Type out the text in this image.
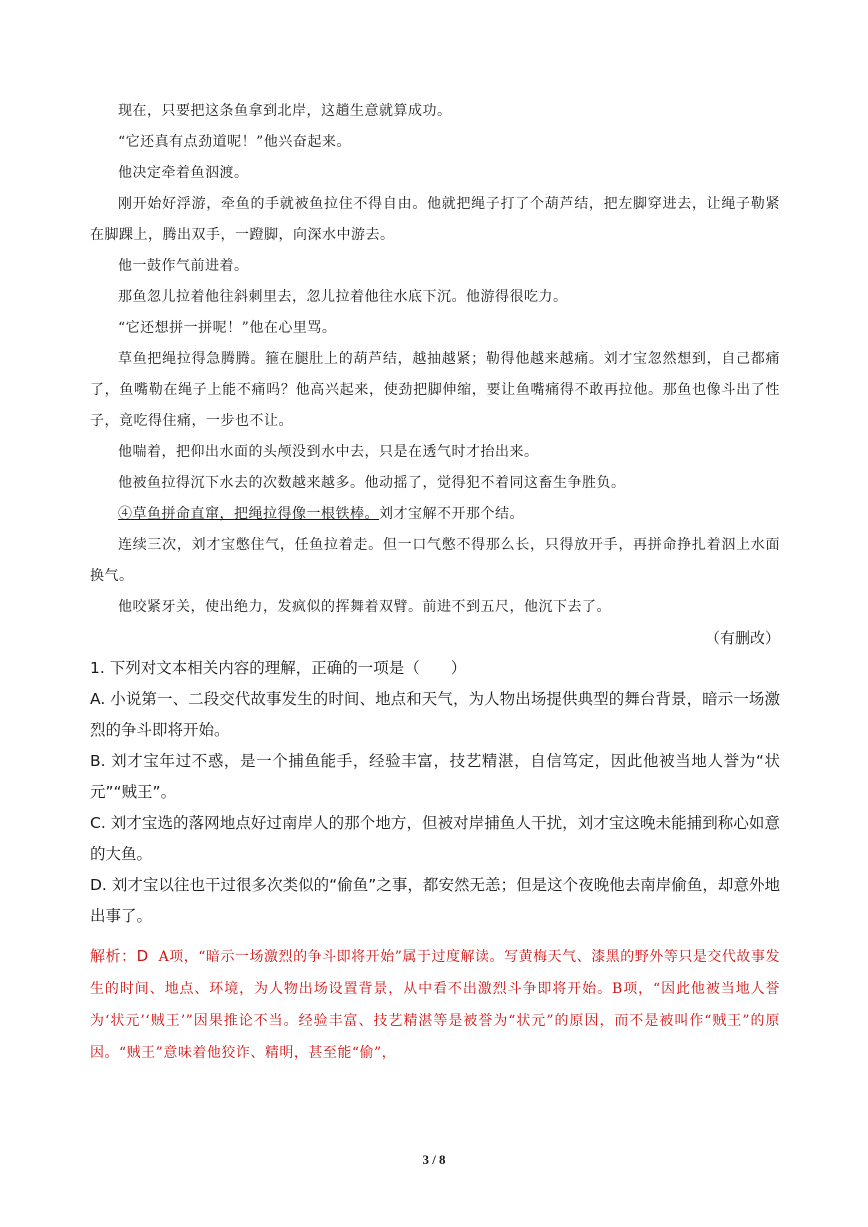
现在，只要把这条鱼拿到北岸，这趟生意就算成功。

“它还真有点劲道呢！”他兴奋起来。

他决定牵着鱼泅渡。

刚开始好浮游，牵鱼的手就被鱼拉住不得自由。他就把绳子打了个葫芦结，把左脚穿进去，让绳子勒紧在脚踝上，腾出双手，一蹬脚，向深水中游去。

他一鼓作气前进着。

那鱼忽儿拉着他往斜刺里去，忽儿拉着他往水底下沉。他游得很吃力。

“它还想拼一拼呢！”他在心里骂。

草鱼把绳拉得急腾腾。箍在腿肚上的葫芦结，越抽越紧；勒得他越来越痛。刘才宝忽然想到，自己都痛了，鱼嘴勒在绳子上能不痛吗？他高兴起来，使劲把脚伸缩，要让鱼嘴痛得不敢再拉他。那鱼也像斗出了性子，竟吃得住痛，一步也不让。

他喘着，把仰出水面的头颅没到水中去，只是在透气时才抬出来。

他被鱼拉得沉下水去的次数越来越多。他动摇了，觉得犯不着同这畜生争胜负。

④草鱼拼命直窜，把绳拉得像一根铁棒。刘才宝解不开那个结。

连续三次，刘才宝憋住气，任鱼拉着走。但一口气憋不得那么长，只得放开手，再拼命挣扎着泅上水面换气。

他咬紧牙关，使出绝力，发疯似的挥舞着双臂。前进不到五尺，他沉下去了。

（有删改）

1. 下列对文本相关内容的理解，正确的一项是（　　）

A. 小说第一、二段交代故事发生的时间、地点和天气，为人物出场提供典型的舞台背景，暗示一场激烈的争斗即将开始。

B. 刘才宝年过不惑，是一个捕鱼能手，经验丰富，技艺精湛，自信笃定，因此他被当地人誉为“状元”“贼王”。

C. 刘才宝选的落网地点好过南岸人的那个地方，但被对岸捕鱼人干扰，刘才宝这晚未能捕到称心如意的大鱼。

D. 刘才宝以往也干过很多次类似的“偷鱼”之事，都安然无恙；但是这个夜晚他去南岸偷鱼，却意外地出事了。

解析：D A项，“暗示一场激烈的争斗即将开始”属于过度解读。写黄梅天气、漆黑的野外等只是交代故事发生的时间、地点、环境，为人物出场设置背景，从中看不出激烈斗争即将开始。B项，“因此他被当地人誉为‘状元’‘贼王’”因果推论不当。经验丰富、技艺精湛等是被誉为“状元”的原因，而不是被叫作“贼王”的原因。“贼王”意味着他狡诈、精明，甚至能“偷”，

3 / 8
